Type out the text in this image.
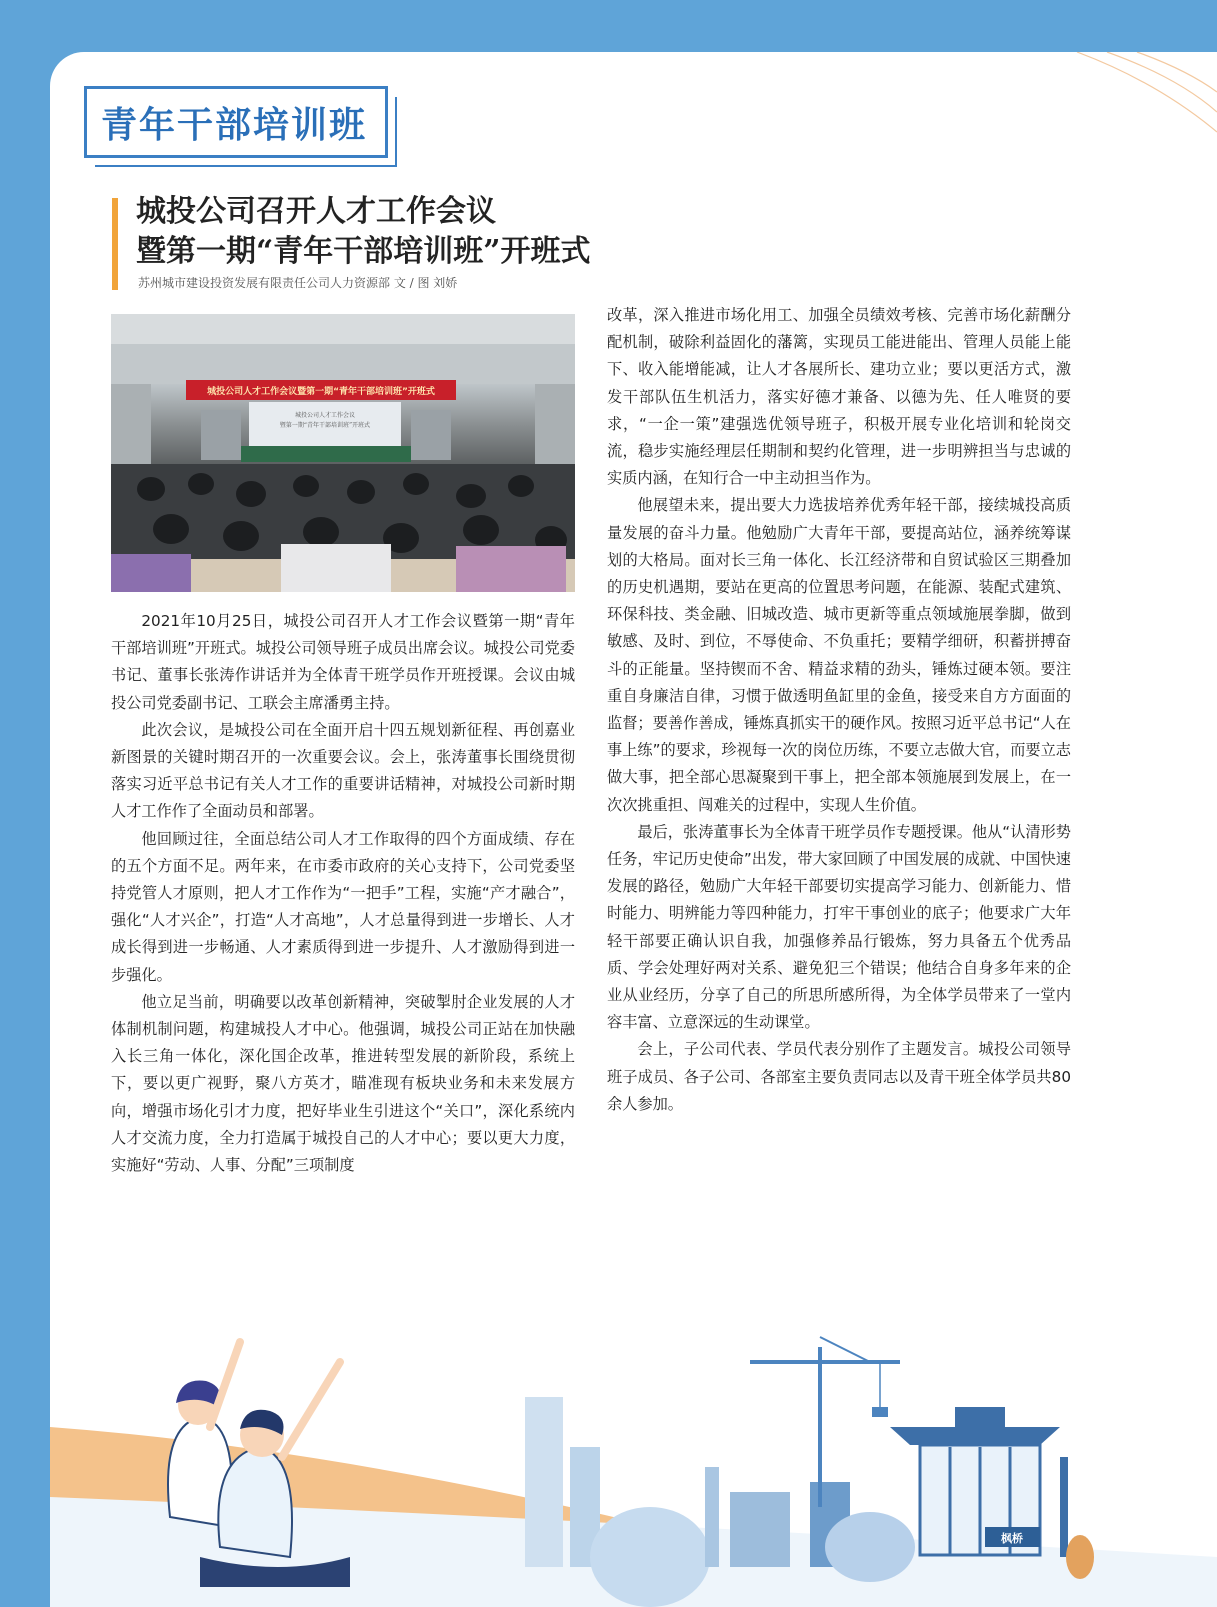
青年干部培训班
城投公司召开人才工作会议
暨第一期“青年干部培训班”开班式
苏州城市建设投资发展有限责任公司人力资源部 文 / 图 刘娇
城投公司人才工作会议暨第一期“青年干部培训班”开班式
城投公司人才工作会议
暨第一期“青年干部培训班”开班式

2021年10月25日，城投公司召开人才工作会议暨第一期“青年干部培训班”开班式。城投公司领导班子成员出席会议。城投公司党委书记、董事长张涛作讲话并为全体青干班学员作开班授课。会议由城投公司党委副书记、工联会主席潘勇主持。

此次会议，是城投公司在全面开启十四五规划新征程、再创嘉业新图景的关键时期召开的一次重要会议。会上，张涛董事长围绕贯彻落实习近平总书记有关人才工作的重要讲话精神，对城投公司新时期人才工作作了全面动员和部署。

他回顾过往，全面总结公司人才工作取得的四个方面成绩、存在的五个方面不足。两年来，在市委市政府的关心支持下，公司党委坚持党管人才原则，把人才工作作为“一把手”工程，实施“产才融合”，强化“人才兴企”，打造“人才高地”，人才总量得到进一步增长、人才成长得到进一步畅通、人才素质得到进一步提升、人才激励得到进一步强化。

他立足当前，明确要以改革创新精神，突破掣肘企业发展的人才体制机制问题，构建城投人才中心。他强调，城投公司正站在加快融入长三角一体化，深化国企改革，推进转型发展的新阶段，系统上下，要以更广视野，聚八方英才，瞄准现有板块业务和未来发展方向，增强市场化引才力度，把好毕业生引进这个“关口”，深化系统内人才交流力度，全力打造属于城投自己的人才中心；要以更大力度，实施好“劳动、人事、分配”三项制度

改革，深入推进市场化用工、加强全员绩效考核、完善市场化薪酬分配机制，破除利益固化的藩篱，实现员工能进能出、管理人员能上能下、收入能增能减，让人才各展所长、建功立业；要以更活方式，激发干部队伍生机活力，落实好德才兼备、以德为先、任人唯贤的要求，“一企一策”建强选优领导班子，积极开展专业化培训和轮岗交流，稳步实施经理层任期制和契约化管理，进一步明辨担当与忠诚的实质内涵，在知行合一中主动担当作为。

他展望未来，提出要大力选拔培养优秀年轻干部，接续城投高质量发展的奋斗力量。他勉励广大青年干部，要提高站位，涵养统筹谋划的大格局。面对长三角一体化、长江经济带和自贸试验区三期叠加的历史机遇期，要站在更高的位置思考问题，在能源、装配式建筑、环保科技、类金融、旧城改造、城市更新等重点领域施展拳脚，做到敏感、及时、到位，不辱使命、不负重托；要精学细研，积蓄拼搏奋斗的正能量。坚持锲而不舍、精益求精的劲头，锤炼过硬本领。要注重自身廉洁自律，习惯于做透明鱼缸里的金鱼，接受来自方方面面的监督；要善作善成，锤炼真抓实干的硬作风。按照习近平总书记“人在事上练”的要求，珍视每一次的岗位历练，不要立志做大官，而要立志做大事，把全部心思凝聚到干事上，把全部本领施展到发展上，在一次次挑重担、闯难关的过程中，实现人生价值。

最后，张涛董事长为全体青干班学员作专题授课。他从“认清形势任务，牢记历史使命”出发，带大家回顾了中国发展的成就、中国快速发展的路径，勉励广大年轻干部要切实提高学习能力、创新能力、惜时能力、明辨能力等四种能力，打牢干事创业的底子；他要求广大年轻干部要正确认识自我，加强修养品行锻炼，努力具备五个优秀品质、学会处理好两对关系、避免犯三个错误；他结合自身多年来的企业从业经历，分享了自己的所思所感所得，为全体学员带来了一堂内容丰富、立意深远的生动课堂。

会上，子公司代表、学员代表分别作了主题发言。城投公司领导班子成员、各子公司、各部室主要负责同志以及青干班全体学员共80余人参加。

枫桥
